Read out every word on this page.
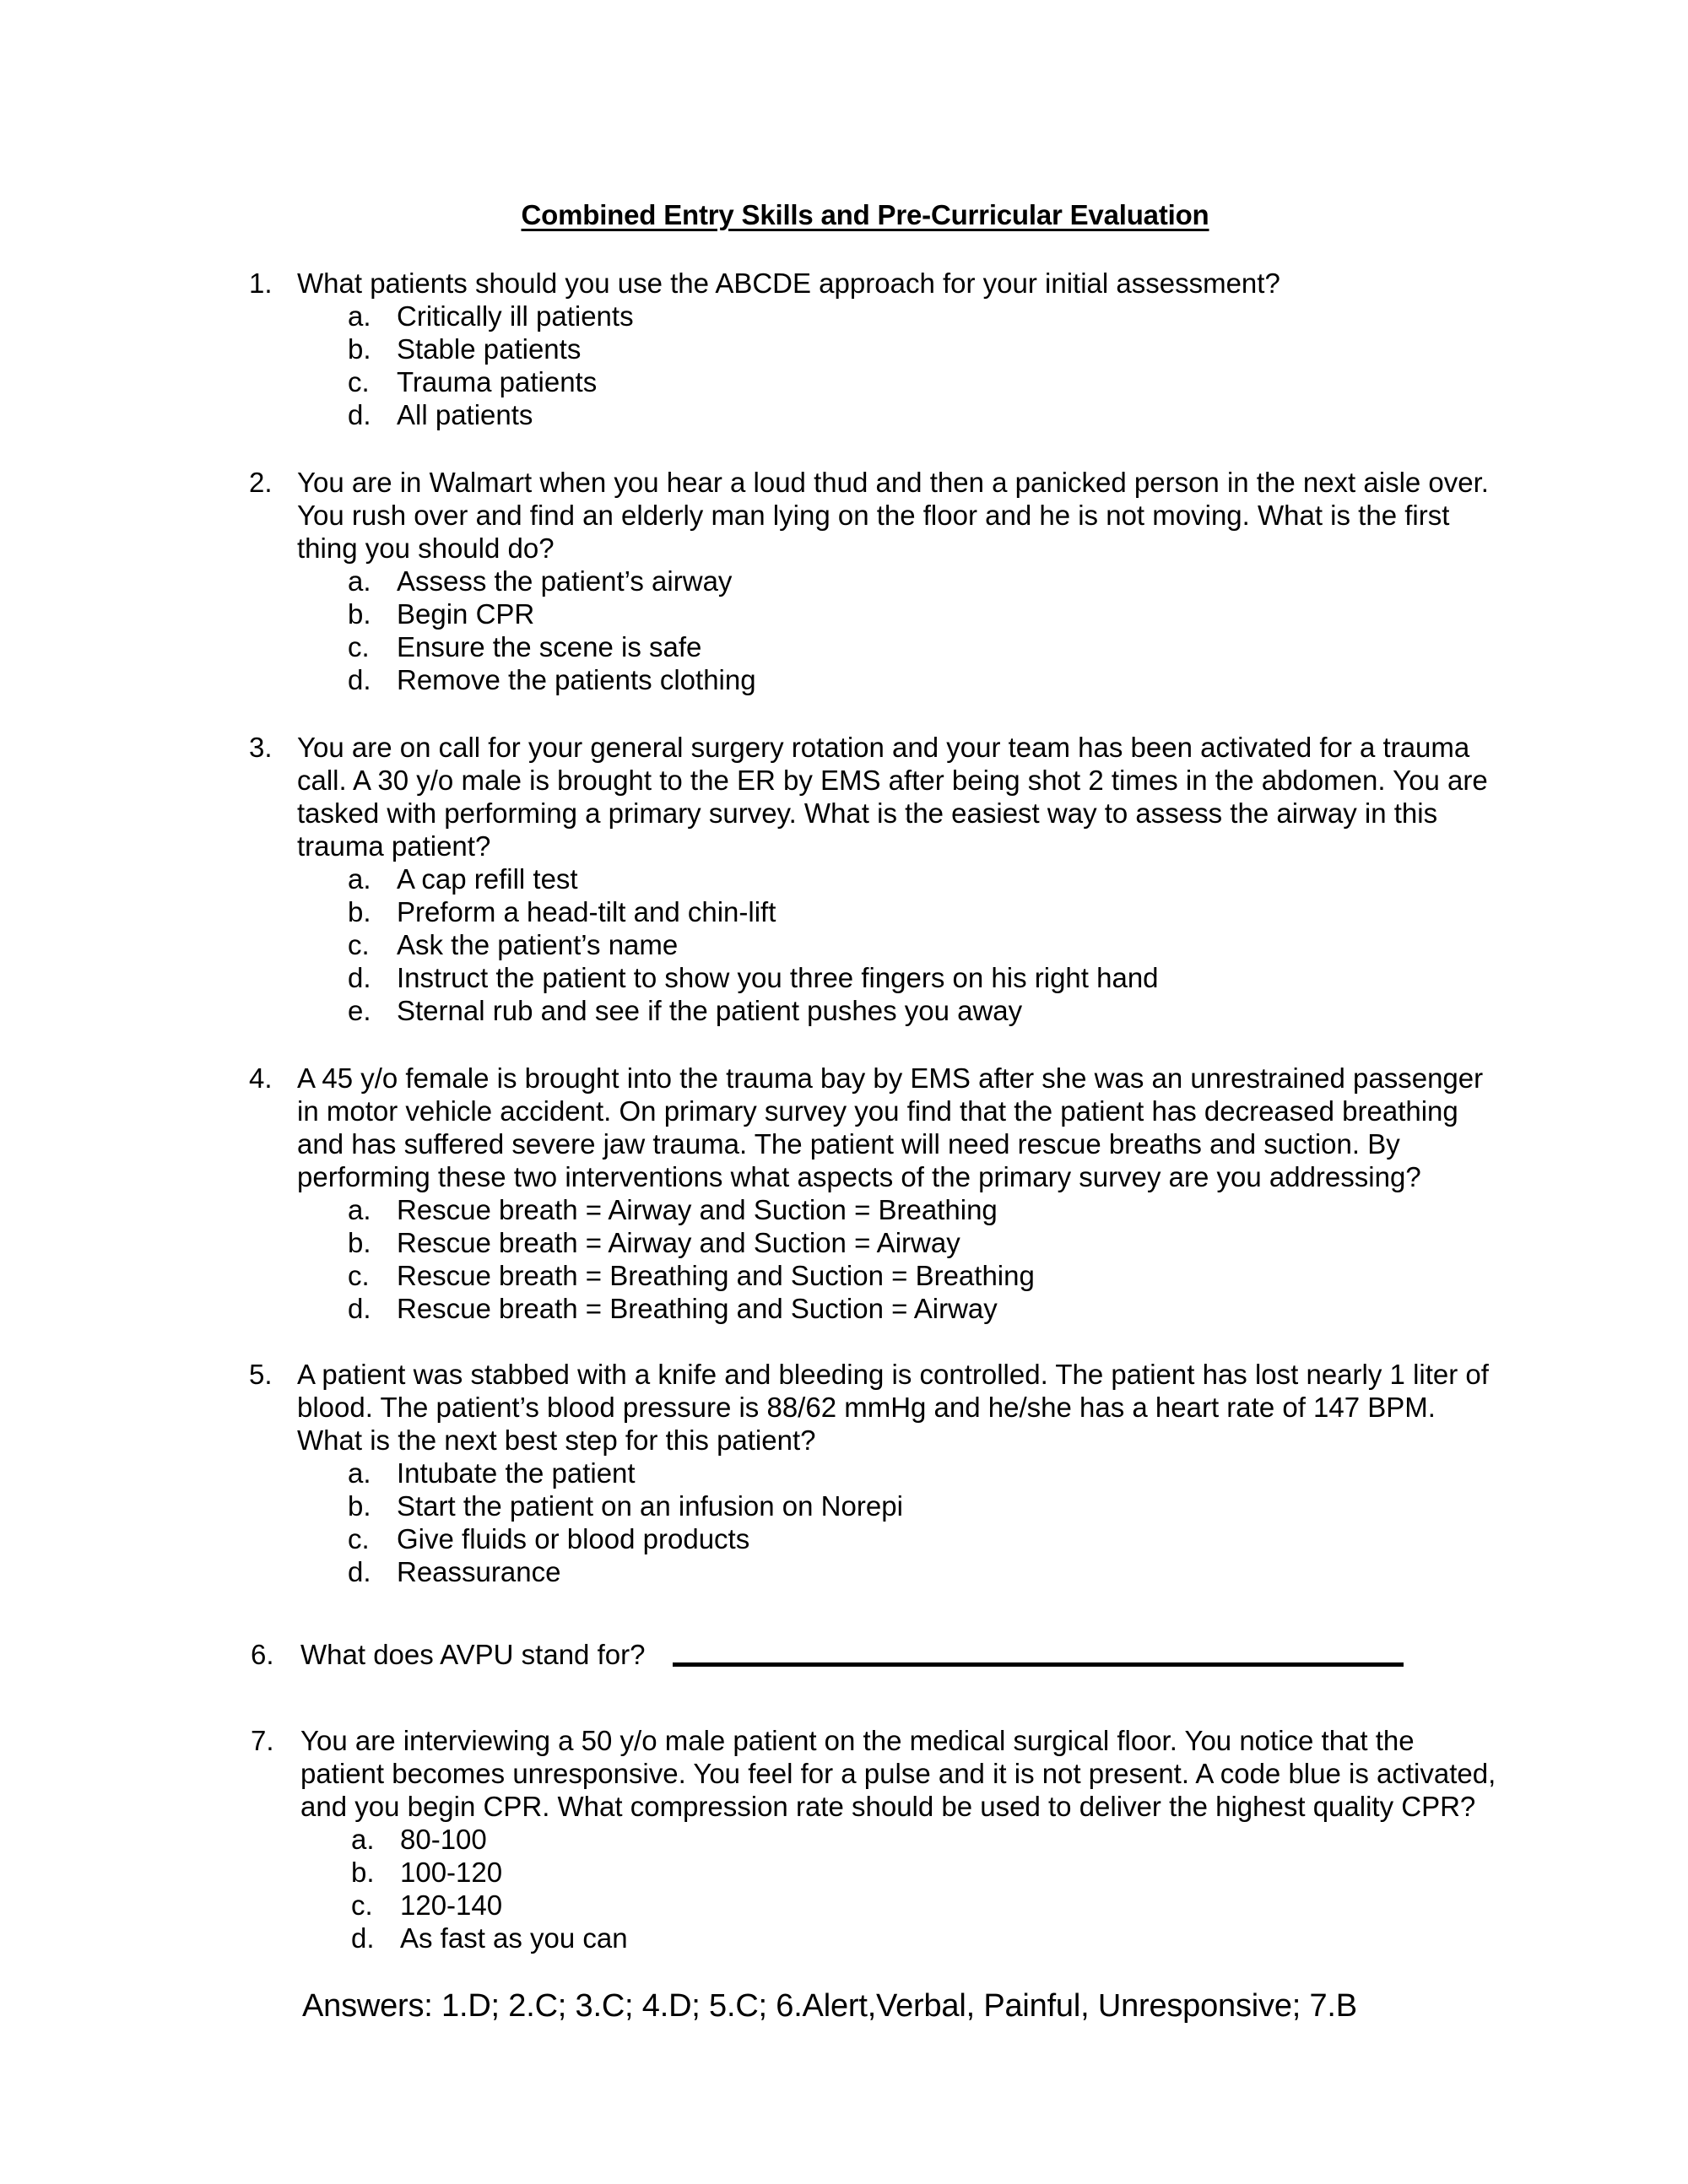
Combined Entry Skills and Pre-Curricular Evaluation
1. What patients should you use the ABCDE approach for your initial assessment?
a. Critically ill patients
b. Stable patients
c. Trauma patients
d. All patients
2. You are in Walmart when you hear a loud thud and then a panicked person in the next aisle over.
You rush over and find an elderly man lying on the floor and he is not moving. What is the first
thing you should do?
a. Assess the patient’s airway
b. Begin CPR
c. Ensure the scene is safe
d. Remove the patients clothing
3. You are on call for your general surgery rotation and your team has been activated for a trauma
call. A 30 y/o male is brought to the ER by EMS after being shot 2 times in the abdomen. You are
tasked with performing a primary survey. What is the easiest way to assess the airway in this
trauma patient?
a. A cap refill test
b. Preform a head-tilt and chin-lift
c. Ask the patient’s name
d. Instruct the patient to show you three fingers on his right hand
e. Sternal rub and see if the patient pushes you away
4. A 45 y/o female is brought into the trauma bay by EMS after she was an unrestrained passenger
in motor vehicle accident. On primary survey you find that the patient has decreased breathing
and has suffered severe jaw trauma. The patient will need rescue breaths and suction. By
performing these two interventions what aspects of the primary survey are you addressing?
a. Rescue breath = Airway and Suction = Breathing
b. Rescue breath = Airway and Suction = Airway
c. Rescue breath = Breathing and Suction = Breathing
d. Rescue breath = Breathing and Suction = Airway
5. A patient was stabbed with a knife and bleeding is controlled. The patient has lost nearly 1 liter of
blood. The patient’s blood pressure is 88/62 mmHg and he/she has a heart rate of 147 BPM.
What is the next best step for this patient?
a. Intubate the patient
b. Start the patient on an infusion on Norepi
c. Give fluids or blood products
d. Reassurance
6. What does AVPU stand for?
7. You are interviewing a 50 y/o male patient on the medical surgical floor. You notice that the
patient becomes unresponsive. You feel for a pulse and it is not present. A code blue is activated,
and you begin CPR. What compression rate should be used to deliver the highest quality CPR?
a. 80-100
b. 100-120
c. 120-140
d. As fast as you can
Answers: 1.D; 2.C; 3.C; 4.D; 5.C; 6.Alert,Verbal, Painful, Unresponsive; 7.B
